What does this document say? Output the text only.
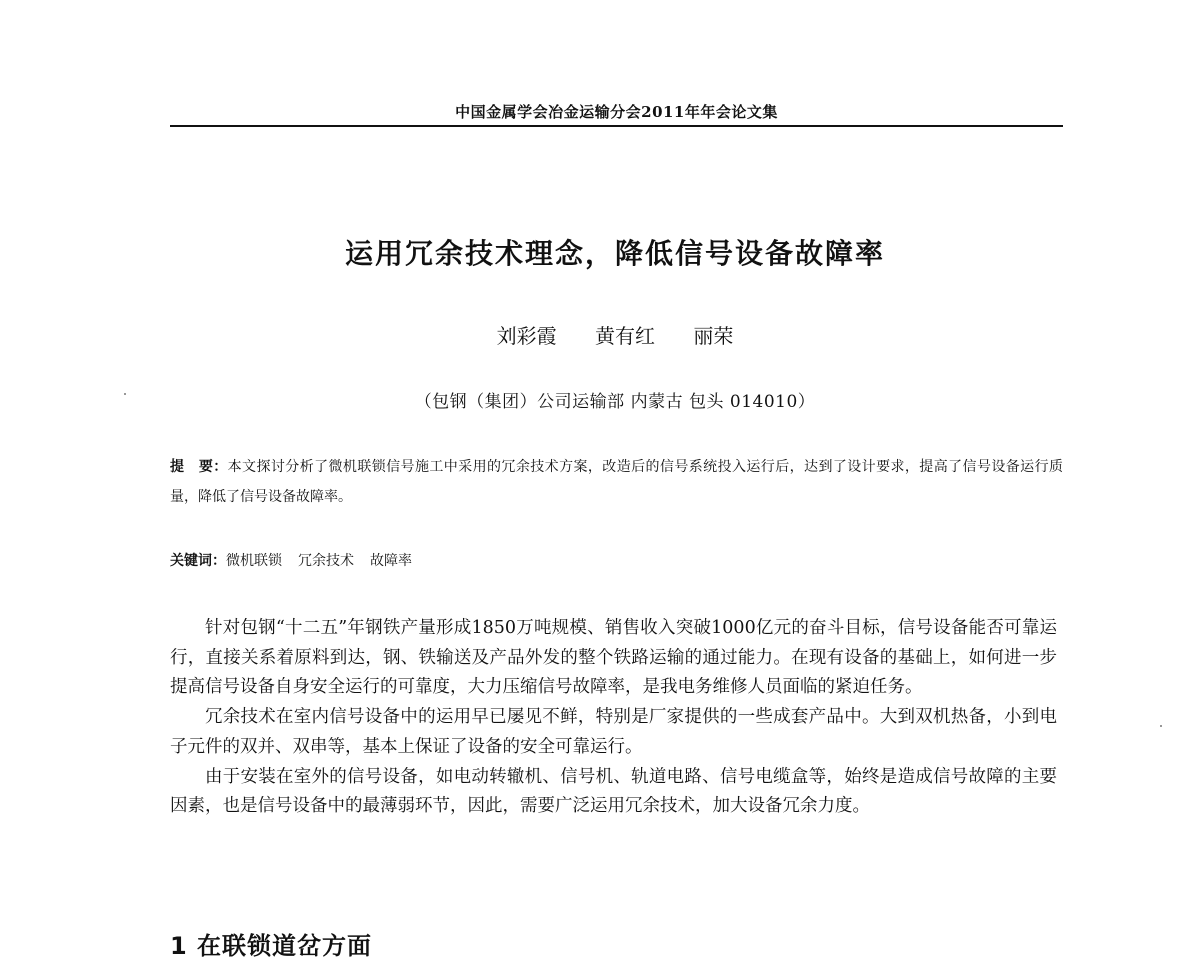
中国金属学会冶金运输分会2011年年会论文集
运用冗余技术理念，降低信号设备故障率
刘彩霞 黄有红 丽荣
（包钢（集团）公司运输部 内蒙古 包头 014010）
提　要：本文探讨分析了微机联锁信号施工中采用的冗余技术方案，改造后的信号系统投入运行后，达到了设计要求，提高了信号设备运行质量，降低了信号设备故障率。
关键词：微机联锁 冗余技术 故障率

针对包钢“十二五”年钢铁产量形成1850万吨规模、销售收入突破1000亿元的奋斗目标，信号设备能否可靠运行，直接关系着原料到达，钢、铁输送及产品外发的整个铁路运输的通过能力。在现有设备的基础上，如何进一步提高信号设备自身安全运行的可靠度，大力压缩信号故障率，是我电务维修人员面临的紧迫任务。

冗余技术在室内信号设备中的运用早已屡见不鲜，特别是厂家提供的一些成套产品中。大到双机热备，小到电子元件的双并、双串等，基本上保证了设备的安全可靠运行。

由于安装在室外的信号设备，如电动转辙机、信号机、轨道电路、信号电缆盒等，始终是造成信号故障的主要因素，也是信号设备中的最薄弱环节，因此，需要广泛运用冗余技术，加大设备冗余力度。

1 在联锁道岔方面
